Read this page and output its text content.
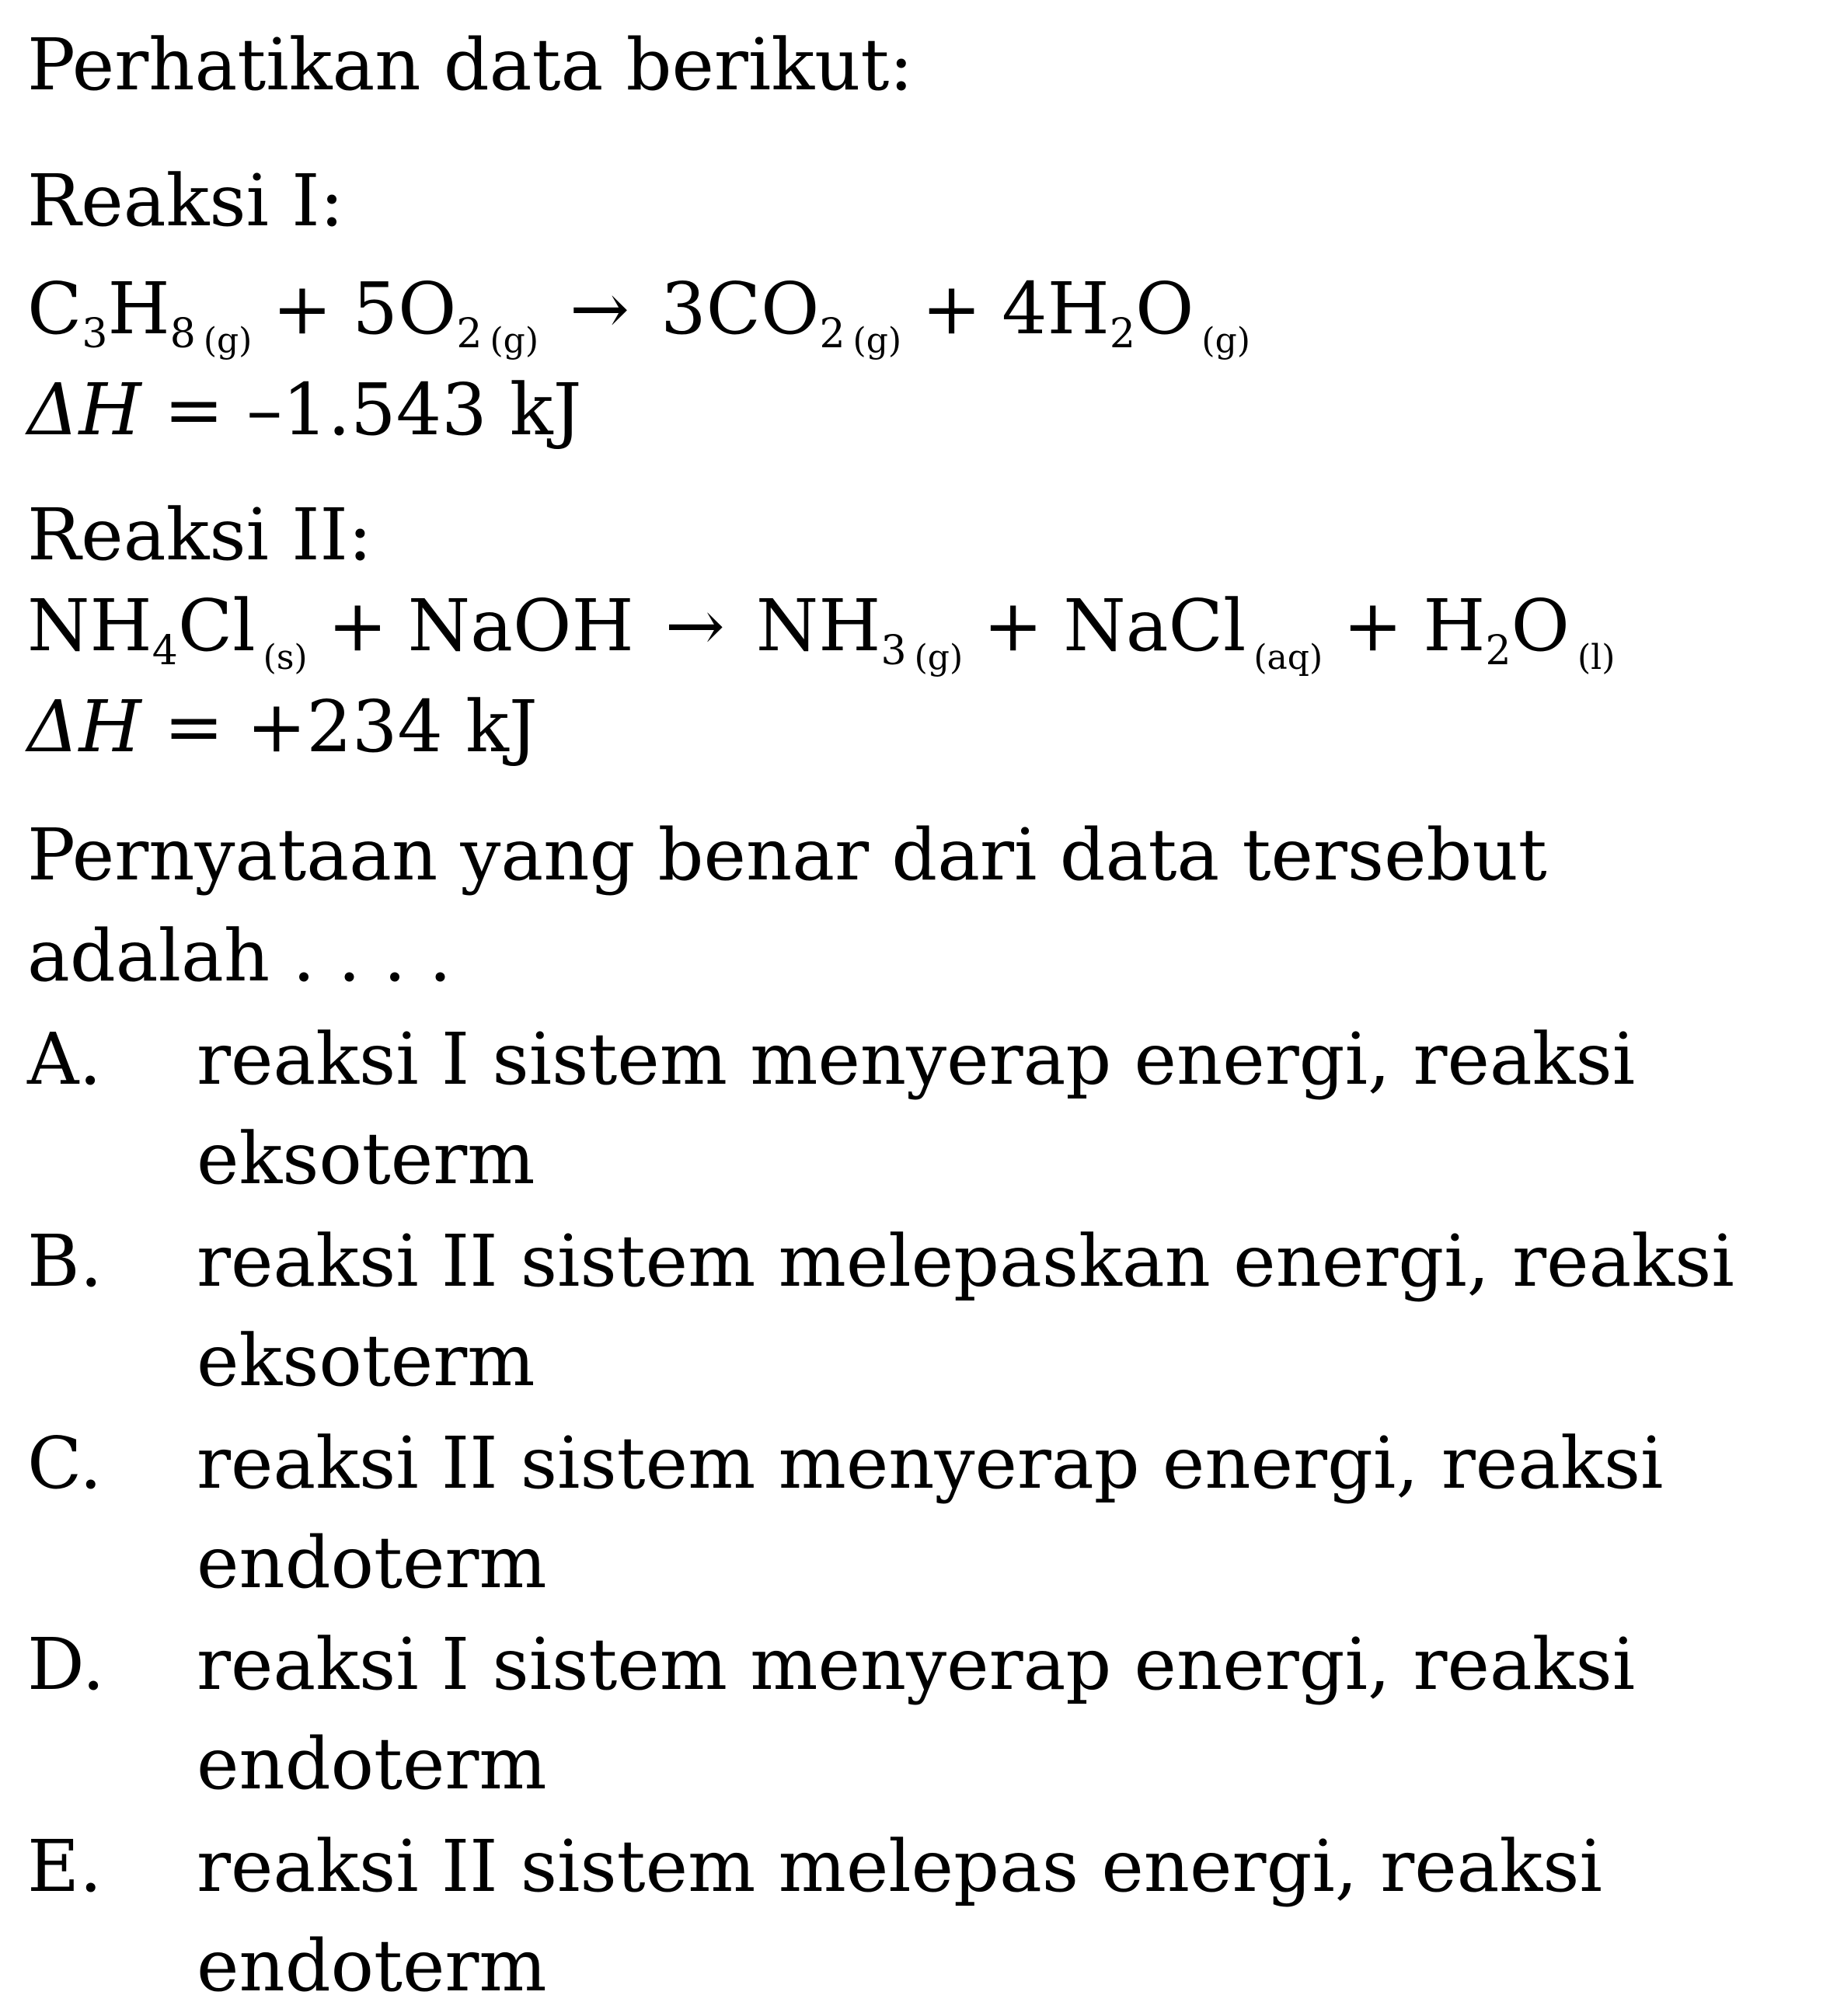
Perhatikan data berikut:
Reaksi I:
$C_3H_8$ $_{(g)} + 5O_2$ $_{(g)} \to 3CO_2$ $_{(g)} + 4H_2O$ $_{(g)}$
ΔH = –1.543 kJ
Reaksi II:
$NH_4Cl$ $_{(s)}$ + NaOH → $NH_3$ $_{(g)}$ + NaCl $_{(aq)} + H_2O$ $_{(l)}$
ΔH = +234 kJ
Pernyataan yang benar dari data tersebut
adalah . . . .
A. reaksi I sistem menyerap energi, reaksi eksoterm
B. reaksi II sistem melepaskan energi, reaksi eksoterm
C. reaksi II sistem menyerap energi, reaksi endoterm
D. reaksi I sistem menyerap energi, reaksi endoterm
E. reaksi II sistem melepas energi, reaksi endoterm
